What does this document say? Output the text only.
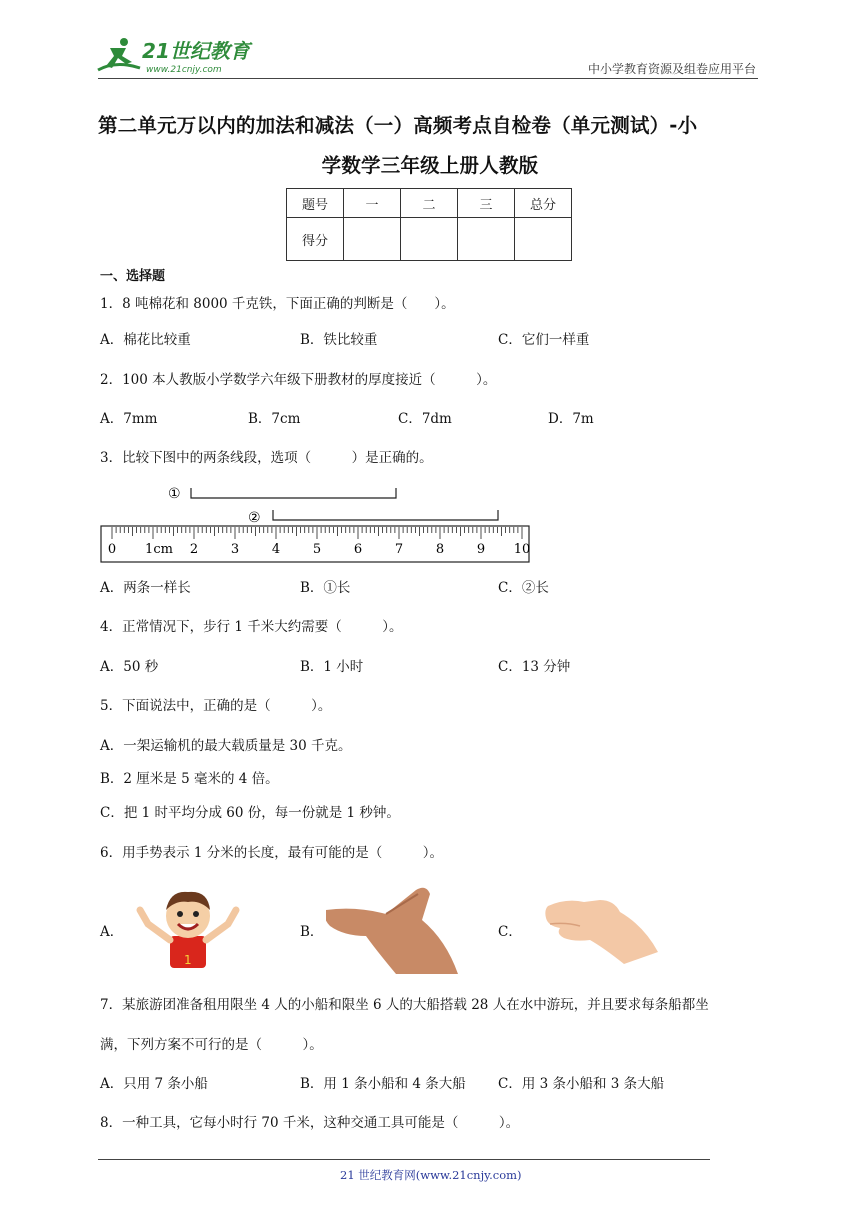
21世纪教育
www.21cnjy.com	中小学教育资源及组卷应用平台
第二单元万以内的加法和减法（一）高频考点自检卷（单元测试）-小
学数学三年级上册人教版
题号	一	二	三	总分
得分				
一、选择题
1．8 吨棉花和 8000 千克铁，下面正确的判断是（　　）。
A．棉花比较重	B．铁比较重	C．它们一样重
2．100 本人教版小学数学六年级下册教材的厚度接近（　　　）。
A．7mm	B．7cm	C．7dm	D．7m
3．比较下图中的两条线段，选项（　　　）是正确的。
①
②
0 1cm 2	3	4	5	6	7	8	9 10
A．两条一样长	B．①长	C．②长
4．正常情况下，步行 1 千米大约需要（　　　）。
A．50 秒	B．1 小时	C．13 分钟
5．下面说法中，正确的是（　　　）。
A．一架运输机的最大载质量是 30 千克。
B．2 厘米是 5 毫米的 4 倍。
C．把 1 时平均分成 60 份，每一份就是 1 秒钟。
6．用手势表示 1 分米的长度，最有可能的是（　　　）。
A．
1
B．	C．
7．某旅游团准备租用限坐 4 人的小船和限坐 6 人的大船搭载 28 人在水中游玩，并且要求每条船都坐
满，下列方案不可行的是（　　　）。
A．只用 7 条小船	B．用 1 条小船和 4 条大船 C．用 3 条小船和 3 条大船
8．一种工具，它每小时行 70 千米，这种交通工具可能是（　　　）。
21 世纪教育网(www.21cnjy.com)
